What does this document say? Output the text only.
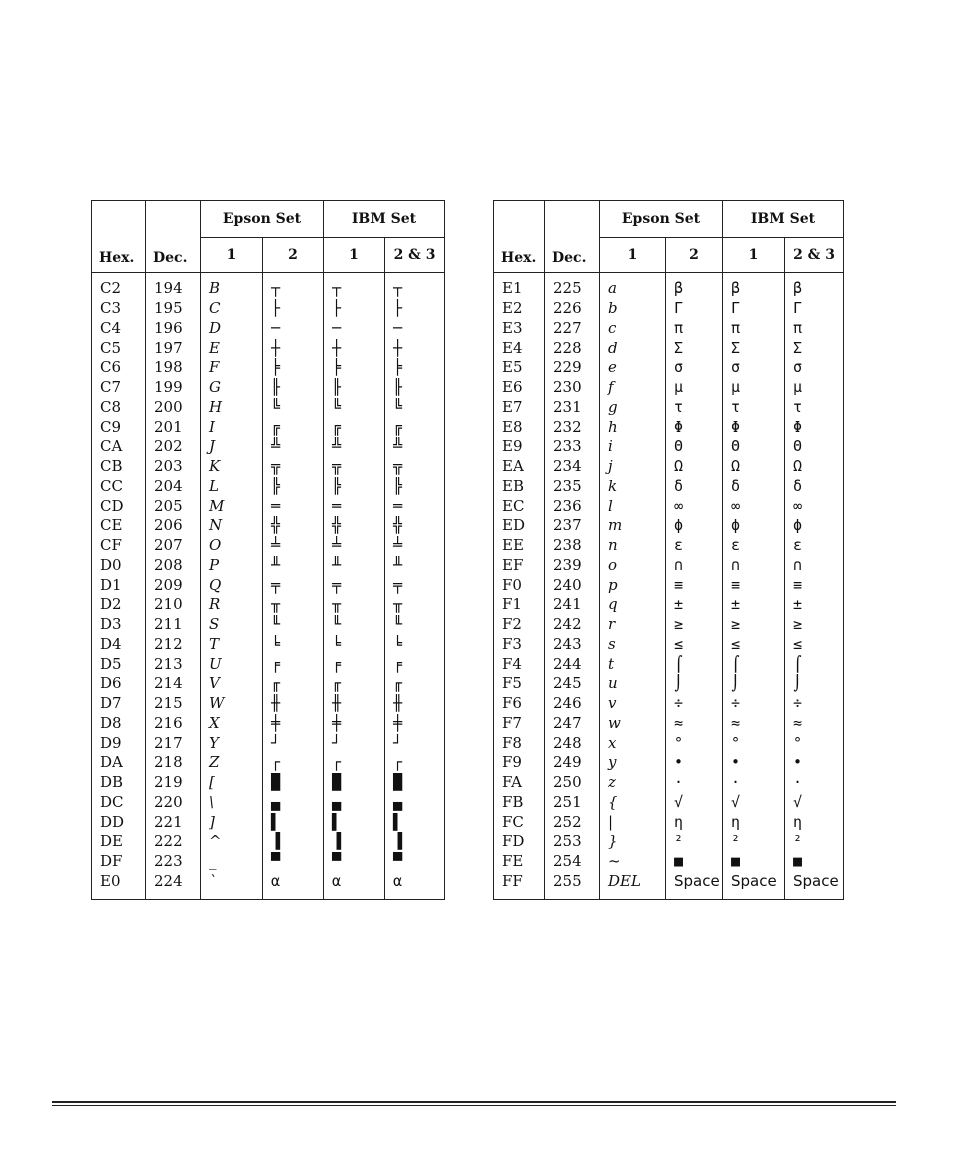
Hex.	Dec.	Epson Set		IBM Set	
		1	2	1	2 & 3
C2	194	B	┬	┬	┬
C3	195	C	├	├	├
C4	196	D	─	─	─
C5	197	E	┼	┼	┼
C6	198	F	╞	╞	╞
C7	199	G	╟	╟	╟
C8	200	H	╚	╚	╚
C9	201	I	╔	╔	╔
CA	202	J	╩	╩	╩
CB	203	K	╦	╦	╦
CC	204	L	╠	╠	╠
CD	205	M	═	═	═
CE	206	N	╬	╬	╬
CF	207	O	╧	╧	╧
D0	208	P	╨	╨	╨
D1	209	Q	╤	╤	╤
D2	210	R	╥	╥	╥
D3	211	S	╙	╙	╙
D4	212	T	╘	╘	╘
D5	213	U	╒	╒	╒
D6	214	V	╓	╓	╓
D7	215	W	╫	╫	╫
D8	216	X	╪	╪	╪
D9	217	Y	┘	┘	┘
DA	218	Z	┌	┌	┌
DB	219	[	█	█	█
DC	220	\	▄	▄	▄
DD	221	]	▌	▌	▌
DE	222	^	▐	▐	▐
DF	223	_	▀	▀	▀
E0	224	`	α	α	α
Hex.	Dec.	Epson Set		IBM Set	
		1	2	1	2 & 3
E1	225	a	β	β	β
E2	226	b	Γ	Γ	Γ
E3	227	c	π	π	π
E4	228	d	Σ	Σ	Σ
E5	229	e	σ	σ	σ
E6	230	f	μ	μ	μ
E7	231	g	τ	τ	τ
E8	232	h	Φ	Φ	Φ
E9	233	i	Θ	Θ	Θ
EA	234	j	Ω	Ω	Ω
EB	235	k	δ	δ	δ
EC	236	l	∞	∞	∞
ED	237	m	ϕ	ϕ	ϕ
EE	238	n	ε	ε	ε
EF	239	o	∩	∩	∩
F0	240	p	≡	≡	≡
F1	241	q	±	±	±
F2	242	r	≥	≥	≥
F3	243	s	≤	≤	≤
F4	244	t	⌠	⌠	⌠
F5	245	u	⌡	⌡	⌡
F6	246	v	÷	÷	÷
F7	247	w	≈	≈	≈
F8	248	x	°	°	°
F9	249	y	•	•	•
FA	250	z	·	·	·
FB	251	{	√	√	√
FC	252	|	η	η	η
FD	253	}	²	²	²
FE	254	~	■	■	■
FF	255	DEL	Space	Space	Space
